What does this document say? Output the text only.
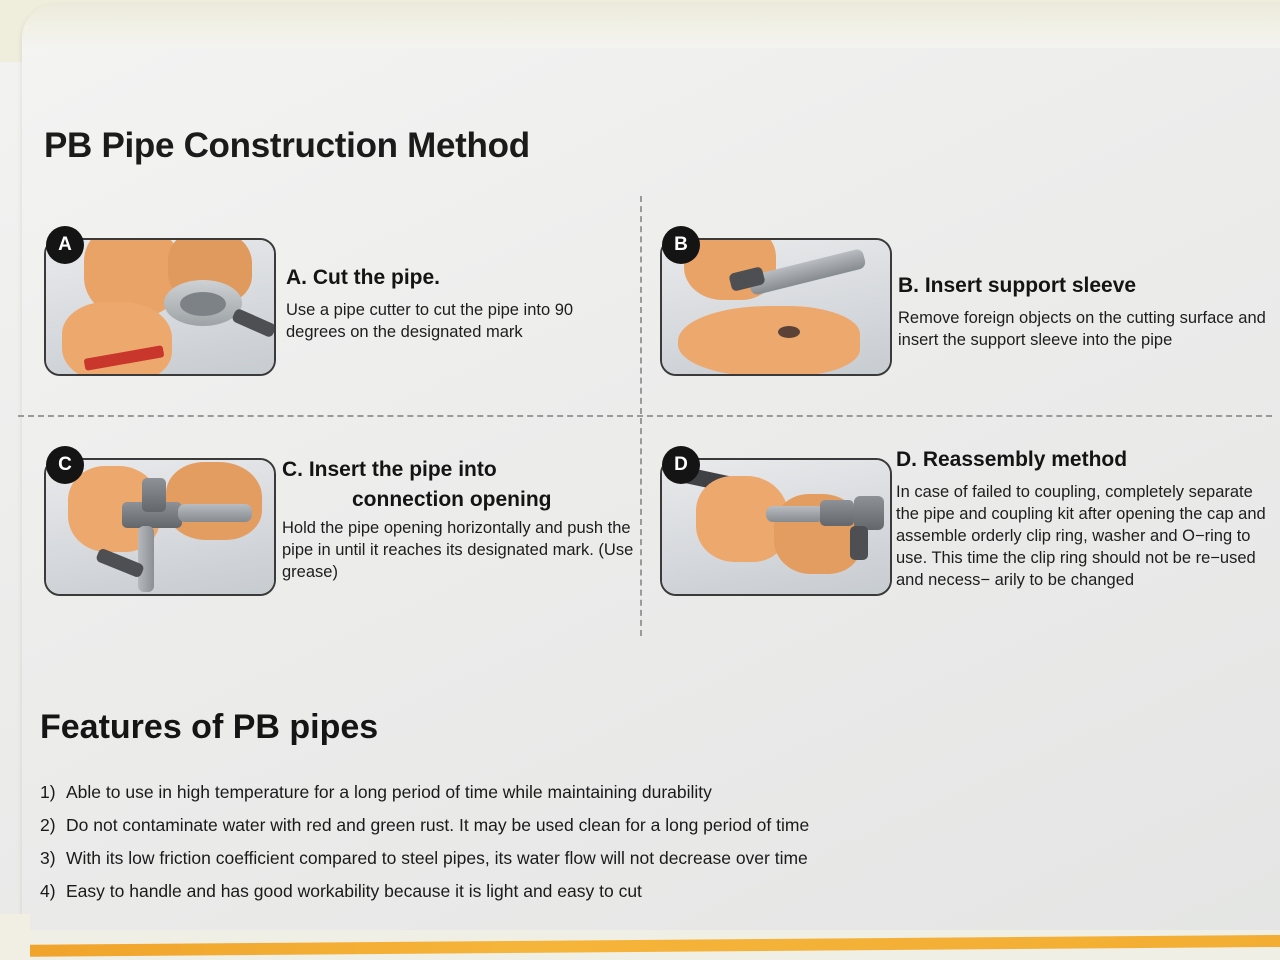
PB Pipe Construction Method
A
A. Cut the pipe.
Use a pipe cutter to cut the pipe into 90 degrees on the designated mark
B
B. Insert support sleeve
Remove foreign objects on the cutting surface and insert the support sleeve into the pipe
C	C. Insert the pipe into
connection opening
Hold the pipe opening horizontally and push the pipe in until it reaches its designated mark. (Use grease)
D	D. Reassembly method
In case of failed to coupling, completely separate the pipe and coupling kit after opening the cap and assemble orderly clip ring, washer and O−ring to use. This time the clip ring should not be re−used and necess− arily to be changed
Features of PB pipes
1) Able to use in high temperature for a long period of time while maintaining durability
2) Do not contaminate water with red and green rust. It may be used clean for a long period of time
3) With its low friction coefficient compared to steel pipes, its water flow will not decrease over time
4) Easy to handle and has good workability because it is light and easy to cut
